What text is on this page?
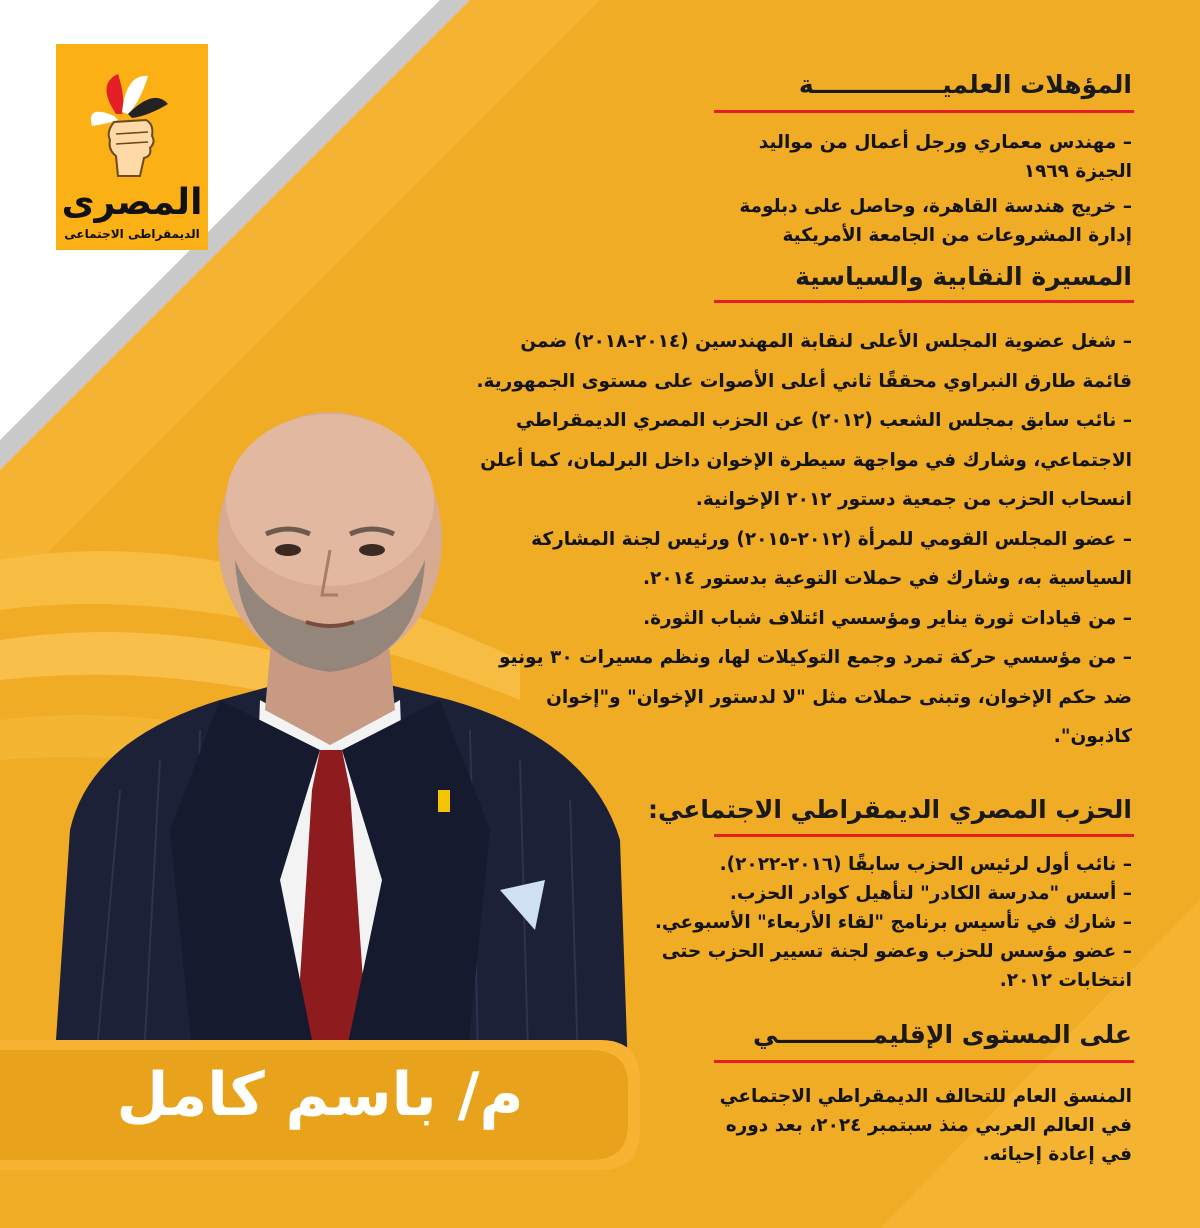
المصرى
الديمقراطى الاجتماعى
م/ باسم كامل
المؤهلات العلميـــــــــــــــة
– مهندس معماري ورجل أعمال من مواليد
الجيزة ١٩٦٩
– خريج هندسة القاهرة، وحاصل على دبلومة
إدارة المشروعات من الجامعة الأمريكية
المسيرة النقابية والسياسية
– شغل عضوية المجلس الأعلى لنقابة المهندسين (٢٠١٤-٢٠١٨) ضمن
قائمة طارق النبراوي محققًا ثاني أعلى الأصوات على مستوى الجمهورية.
– نائب سابق بمجلس الشعب (٢٠١٢) عن الحزب المصري الديمقراطي
الاجتماعي، وشارك في مواجهة سيطرة الإخوان داخل البرلمان، كما أعلن
انسحاب الحزب من جمعية دستور ٢٠١٢ الإخوانية.
– عضو المجلس القومي للمرأة (٢٠١٢-٢٠١٥) ورئيس لجنة المشاركة
السياسية به، وشارك في حملات التوعية بدستور ٢٠١٤.
– من قيادات ثورة يناير ومؤسسي ائتلاف شباب الثورة.
– من مؤسسي حركة تمرد وجمع التوكيلات لها، ونظم مسيرات ٣٠ يونيو
ضد حكم الإخوان، وتبنى حملات مثل "لا لدستور الإخوان" و"إخوان
كاذبون".
الحزب المصري الديمقراطي الاجتماعي:
– نائب أول لرئيس الحزب سابقًا (٢٠١٦-٢٠٢٢).
– أسس "مدرسة الكادر" لتأهيل كوادر الحزب.
– شارك في تأسيس برنامج "لقاء الأربعاء" الأسبوعي.
– عضو مؤسس للحزب وعضو لجنة تسيير الحزب حتى
انتخابات ٢٠١٢.
على المستوى الإقليمـــــــــــي
المنسق العام للتحالف الديمقراطي الاجتماعي
في العالم العربي منذ سبتمبر ٢٠٢٤، بعد دوره
في إعادة إحيائه.
